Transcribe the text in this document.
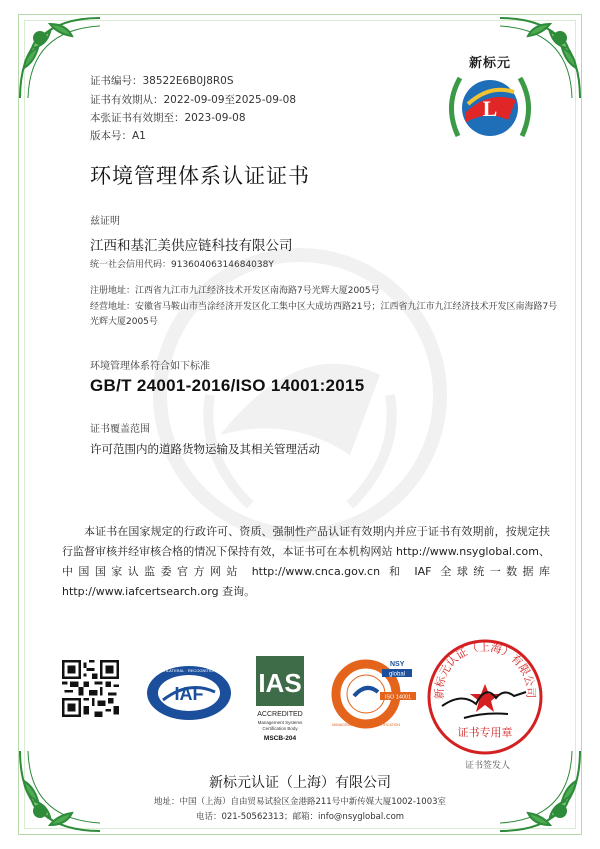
L
新标元
证书编号：38522E6B0J8R0S
证书有效期从：2022-09-09至2025-09-08
本张证书有效期至：2023-09-08
版本号：A1
环境管理体系认证证书
兹证明
江西和基汇美供应链科技有限公司
统一社会信用代码：91360406314684038Y
注册地址：江西省九江市九江经济技术开发区南海路7号光辉大厦2005号
经营地址：安徽省马鞍山市当涂经济开发区化工集中区大成坊西路21号；江西省九江市九江经济技术开发区南海路7号光辉大厦2005号
环境管理体系符合如下标准
GB/T 24001-2016/ISO 14001:2015
证书覆盖范围
许可范围内的道路货物运输及其相关管理活动
本证书在国家规定的行政许可、资质、强制性产品认证有效期内并应于证书有效期前，按规定扶行监督审核并经审核合格的情况下保持有效，本证书可在本机构网站 http://www.nsyglobal.com、中国国家认监委官方网站 http://www.cnca.gov.cn 和 IAF 全球统一数据库 http://www.iafcertsearch.org 查询。
IAF
MEMBER OF MULTILATERAL · RECOGNITION ARRANGEMENT IAS
ACCREDITED
Management Systems
Certification Body
MSCB-204
NSY
global
ISO 14001
MANAGEMENT SYSTEM CERTIFICATION
新标元认证（上海）有限公司
证书专用章
证书签发人
新标元认证（上海）有限公司
地址：中国（上海）自由贸易试验区金港路211号中新传媒大厦1002-1003室
电话：021-50562313；邮箱：info@nsyglobal.com
